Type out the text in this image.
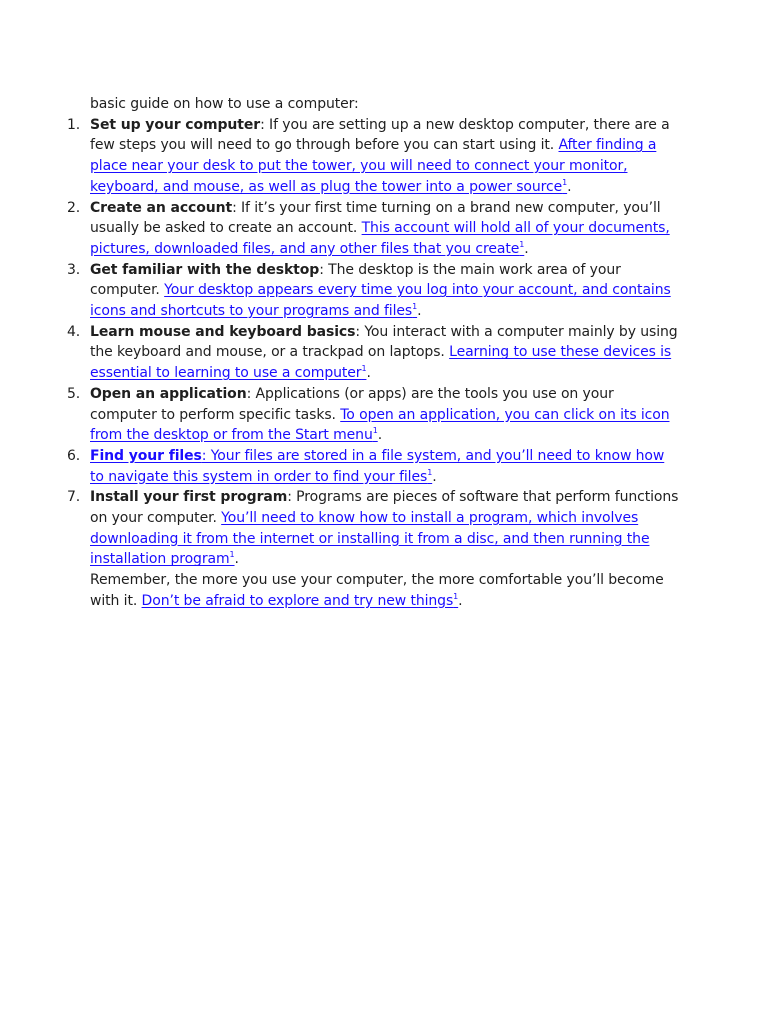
basic guide on how to use a computer:

1. Set up your computer: If you are setting up a new desktop computer, there are a few steps you will need to go through before you can start using it. After finding a place near your desk to put the tower, you will need to connect your monitor, keyboard, and mouse, as well as plug the tower into a power source$^1$.
2. Create an account: If it’s your first time turning on a brand new computer, you’ll usually be asked to create an account. This account will hold all of your documents, pictures, downloaded files, and any other files that you create$^1$.
3. Get familiar with the desktop: The desktop is the main work area of your computer. Your desktop appears every time you log into your account, and contains icons and shortcuts to your programs and files$^1$.
4. Learn mouse and keyboard basics: You interact with a computer mainly by using the keyboard and mouse, or a trackpad on laptops. Learning to use these devices is essential to learning to use a computer$^1$.
5. Open an application: Applications (or apps) are the tools you use on your computer to perform specific tasks. To open an application, you can click on its icon from the desktop or from the Start menu$^1$.
6. Find your files: Your files are stored in a file system, and you’ll need to know how to navigate this system in order to find your files$^1$.
7. Install your first program: Programs are pieces of software that perform functions on your computer. You’ll need to know how to install a program, which involves downloading it from the internet or installing it from a disc, and then running the installation program$^1$.

Remember, the more you use your computer, the more comfortable you’ll become with it. Don’t be afraid to explore and try new things$^1$.
